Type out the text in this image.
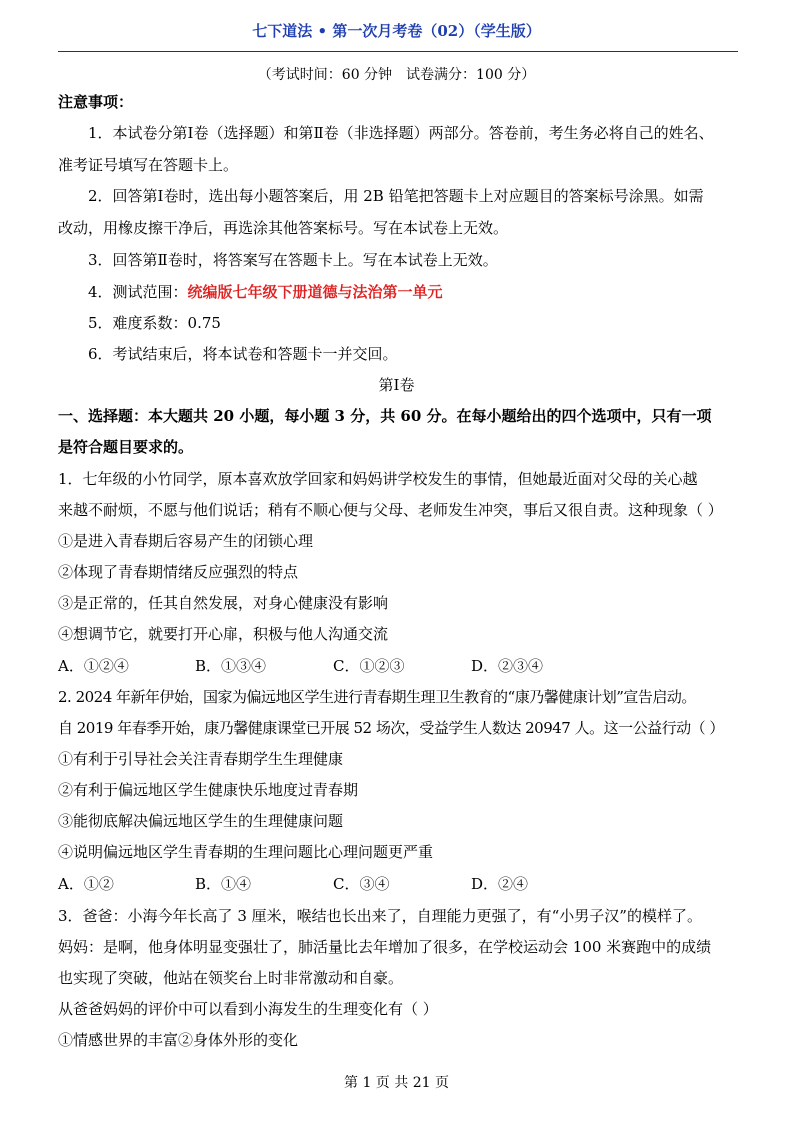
七下道法 • 第一次月考卷（02）（学生版）
（考试时间：60 分钟　试卷满分：100 分）
注意事项：
1．本试卷分第Ⅰ卷（选择题）和第Ⅱ卷（非选择题）两部分。答卷前，考生务必将自己的姓名、
准考证号填写在答题卡上。
2．回答第Ⅰ卷时，选出每小题答案后，用 2B 铅笔把答题卡上对应题目的答案标号涂黑。如需
改动，用橡皮擦干净后，再选涂其他答案标号。写在本试卷上无效。
3．回答第Ⅱ卷时，将答案写在答题卡上。写在本试卷上无效。
4．测试范围：统编版七年级下册道德与法治第一单元
5．难度系数：0.75
6．考试结束后，将本试卷和答题卡一并交回。
第Ⅰ卷
一、选择题：本大题共 20 小题，每小题 3 分，共 60 分。在每小题给出的四个选项中，只有一项
是符合题目要求的。
1．七年级的小竹同学，原本喜欢放学回家和妈妈讲学校发生的事情，但她最近面对父母的关心越
来越不耐烦，不愿与他们说话；稍有不顺心便与父母、老师发生冲突，事后又很自责。这种现象（ ）
①是进入青春期后容易产生的闭锁心理
②体现了青春期情绪反应强烈的特点
③是正常的，任其自然发展，对身心健康没有影响
④想调节它，就要打开心扉，积极与他人沟通交流
A．①②④	B．①③④	C．①②③	D．②③④
2. 2024 年新年伊始，国家为偏远地区学生进行青春期生理卫生教育的“康乃馨健康计划”宣告启动。
自 2019 年春季开始，康乃馨健康课堂已开展 52 场次，受益学生人数达 20947 人。这一公益行动（ ）
①有利于引导社会关注青春期学生生理健康
②有利于偏远地区学生健康快乐地度过青春期
③能彻底解决偏远地区学生的生理健康问题
④说明偏远地区学生青春期的生理问题比心理问题更严重
A．①②	B．①④	C．③④	D．②④
3．爸爸：小海今年长高了 3 厘米，喉结也长出来了，自理能力更强了，有“小男子汉”的模样了。
妈妈：是啊，他身体明显变强壮了，肺活量比去年增加了很多，在学校运动会 100 米赛跑中的成绩
也实现了突破，他站在领奖台上时非常激动和自豪。
从爸爸妈妈的评价中可以看到小海发生的生理变化有（ ）
①情感世界的丰富②身体外形的变化
第 1 页 共 21 页
